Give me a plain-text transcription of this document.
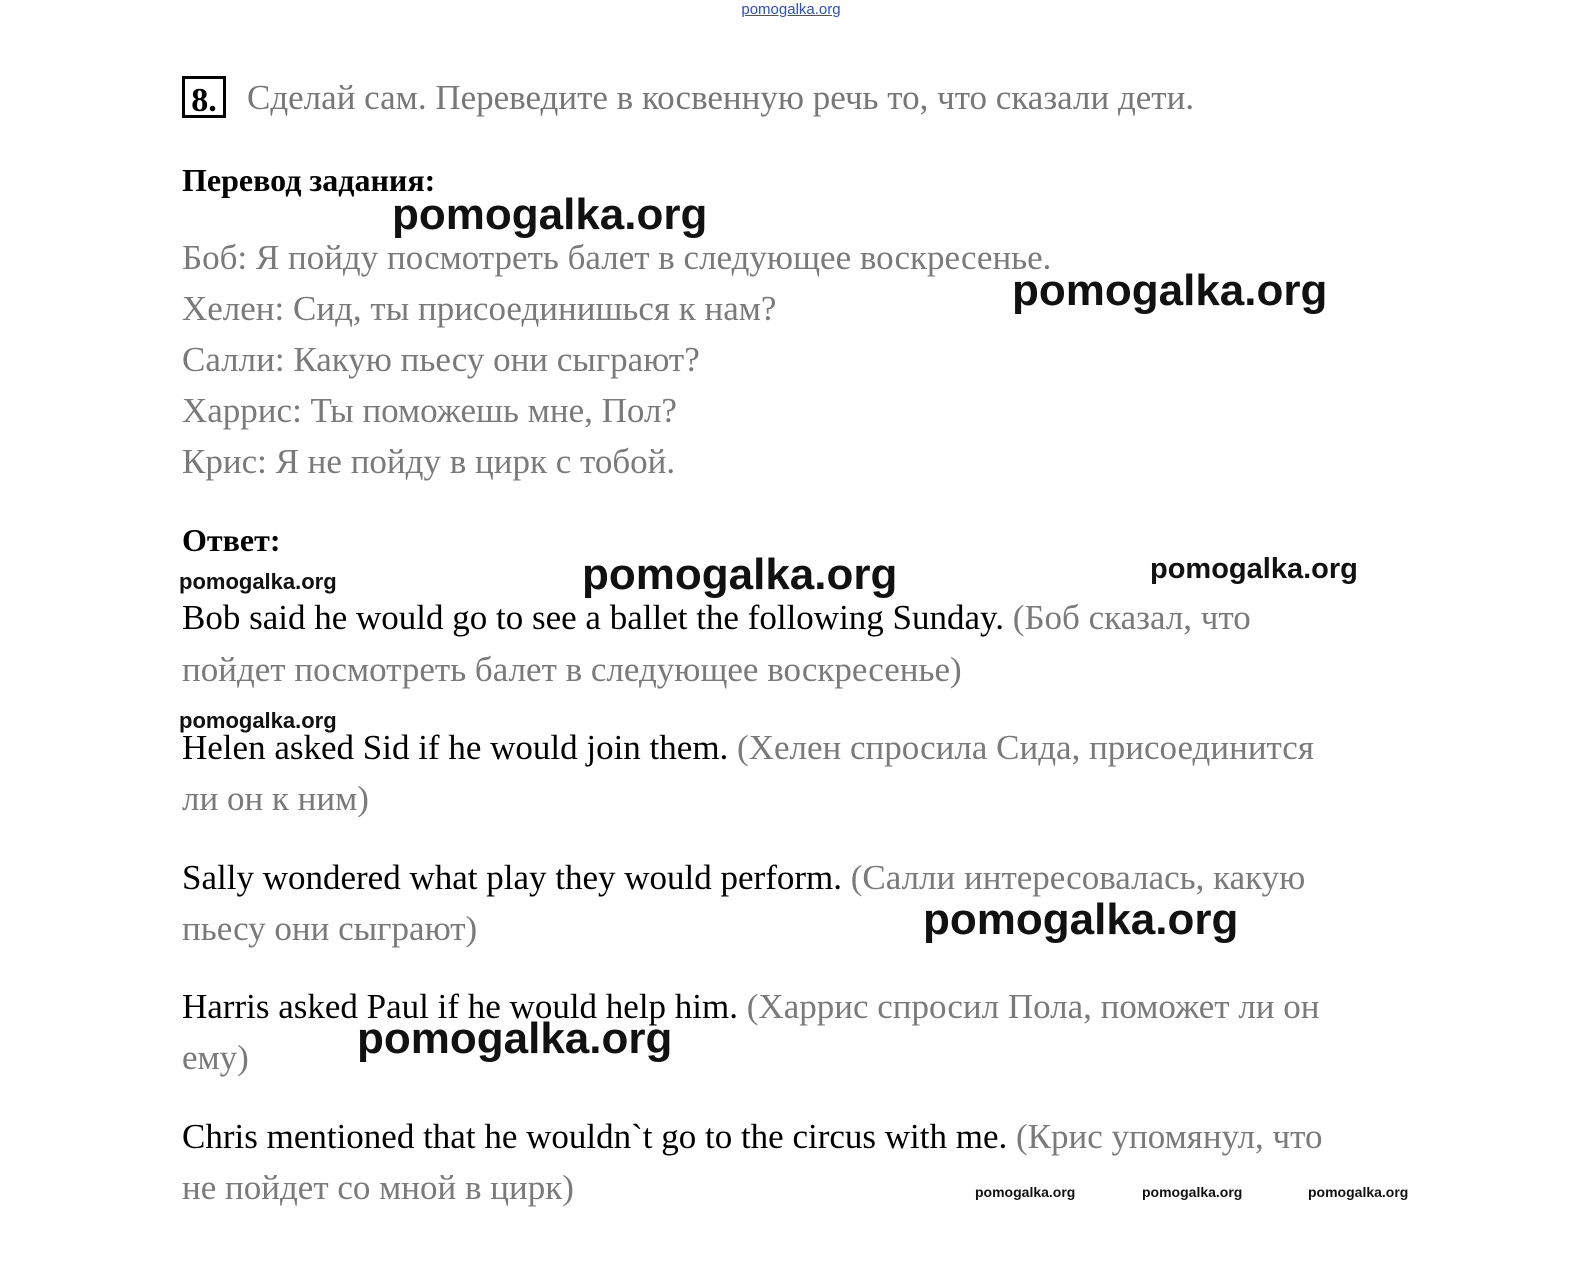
pomogalka.org
8. Сделай сам. Переведите в косвенную речь то, что сказали дети.
Перевод задания:
Боб: Я пойду посмотреть балет в следующее воскресенье.
Хелен: Сид, ты присоединишься к нам?
Салли: Какую пьесу они сыграют?
Харрис: Ты поможешь мне, Пол?
Крис: Я не пойду в цирк с тобой.
Ответ:
Bob said he would go to see a ballet the following Sunday. (Боб сказал, что
пойдет посмотреть балет в следующее воскресенье)
Helen asked Sid if he would join them. (Хелен спросила Сида, присоединится
ли он к ним)
Sally wondered what play they would perform. (Салли интересовалась, какую
пьесу они сыграют)
Harris asked Paul if he would help him. (Харрис спросил Пола, поможет ли он
ему)
Chris mentioned that he wouldn`t go to the circus with me. (Крис упомянул, что
не пойдет со мной в цирк)
pomogalka.org
pomogalka.org
pomogalka.org	pomogalka.org	pomogalka.org
pomogalka.org
pomogalka.org
pomogalka.org
pomogalka.org	pomogalka.org	pomogalka.org
